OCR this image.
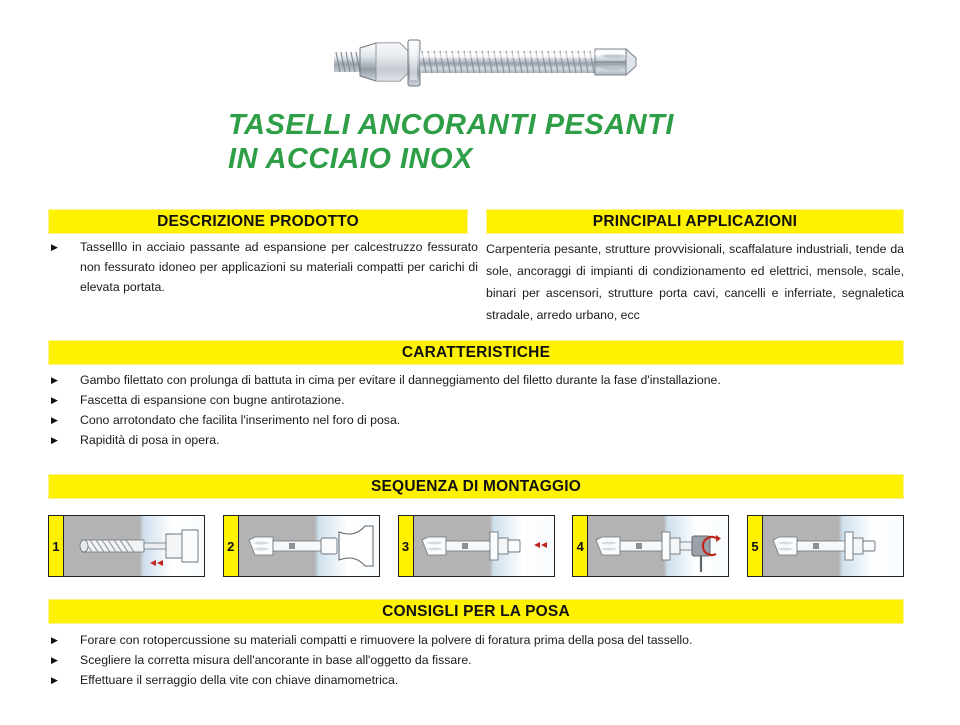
TASELLI ANCORANTI PESANTI
IN ACCIAIO INOX
DESCRIZIONE PRODOTTO
▶	Tasselllo in acciaio passante ad espansione per calcestruzzo fessurato non fessurato idoneo per applicazioni su materiali compatti per carichi di elevata portata.
PRINCIPALI APPLICAZIONI
Carpenteria pesante, strutture provvisionali, scaffalature industriali, tende da sole, ancoraggi di impianti di condizionamento ed elettrici, mensole, scale, binari per ascensori, strutture porta cavi, cancelli e inferriate, segnaletica stradale, arredo urbano, ecc
CARATTERISTICHE
▶	Gambo filettato con prolunga di battuta in cima per evitare il danneggiamento del filetto durante la fase d'installazione.
▶	Fascetta di espansione con bugne antirotazione.
▶	Cono arrotondato che facilita l'inserimento nel foro di posa.
▶	Rapidità di posa in opera.
SEQUENZA DI MONTAGGIO
1	2	3	4	5
CONSIGLI PER LA POSA
▶	Forare con rotopercussione su materiali compatti e rimuovere la polvere di foratura prima della posa del tassello.
▶	Scegliere la corretta misura dell'ancorante in base all'oggetto da fissare.
▶	Effettuare il serraggio della vite con chiave dinamometrica.
